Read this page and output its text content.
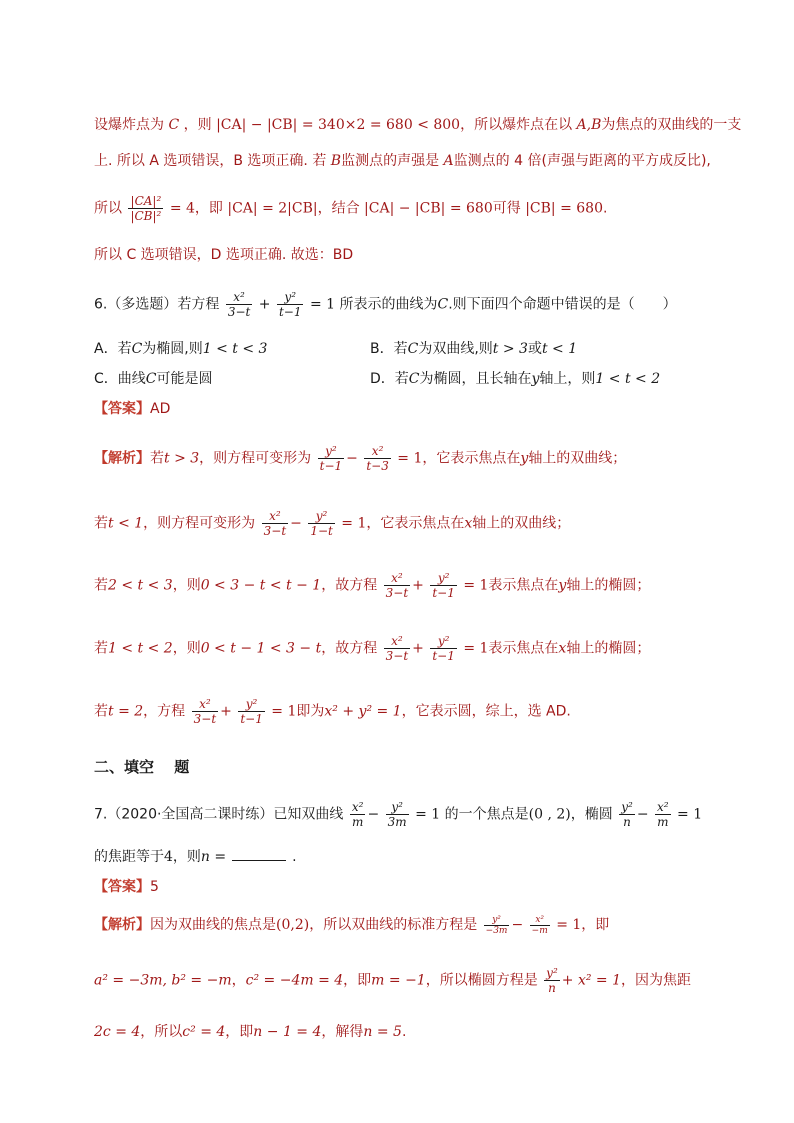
设爆炸点为 C ，则 |CA| − |CB| = 340×2 = 680 < 800，所以爆炸点在以 A,B为焦点的双曲线的一支
上. 所以 A 选项错误，B 选项正确. 若 B监测点的声强是 A监测点的 4 倍(声强与距离的平方成反比),
所以 $\frac{\text{|CA|²}}{\text{|CB|²}} = 4$，即 |CA| = 2|CB|，结合 |CA| − |CB| = 680可得 |CB| = 680.
所以 C 选项错误，D 选项正确. 故选：BD
6.（多选题）若方程 $\frac{\text{x²}}{3-t} + \frac{\text{y²}}{t-1} = 1$ 所表示的曲线为C.则下面四个命题中错误的是（　　）
A．若C为椭圆,则1 < t < 3	B．若C为双曲线,则t > 3或t < 1
C．曲线C可能是圆	D．若C为椭圆，且长轴在y轴上，则1 < t < 2
【答案】AD
【解析】若t > 3，则方程可变形为 $\frac{\text{y²}}{t-1} - \frac{\text{x²}}{t-3} = 1$，它表示焦点在y轴上的双曲线；
若t < 1，则方程可变形为 $\frac{\text{x²}}{3-t} - \frac{\text{y²}}{1-t} = 1$，它表示焦点在x轴上的双曲线；
若2 < t < 3，则0 < 3 − t < t − 1，故方程 $\frac{\text{x²}}{3-t} + \frac{\text{y²}}{t-1} = 1$表示焦点在y轴上的椭圆；
若1 < t < 2，则0 < t − 1 < 3 − t，故方程 $\frac{\text{x²}}{3-t} + \frac{\text{y²}}{t-1} = 1$表示焦点在x轴上的椭圆；
若t = 2，方程 $\frac{\text{x²}}{3-t} + \frac{\text{y²}}{t-1} = 1$即为x² + y² = 1，它表示圆，综上，选 AD.
二、填空　 题
7.（2020·全国高二课时练）已知双曲线 $\frac{\text{x²}}{m} - \frac{\text{y²}}{3m} = 1$ 的一个焦点是(0 , 2)，椭圆 $\frac{\text{y²}}{n} - \frac{\text{x²}}{m} = 1$
的焦距等于4，则n =	.
【答案】5
【解析】因为双曲线的焦点是(0,2)，所以双曲线的标准方程是 $\frac{\text{y²}}{-3m} - \frac{\text{x²}}{-m} = 1$，即
a² = −3m, b² = −m，c² = −4m = 4，即m = −1，所以椭圆方程是 $\frac{\text{y²}}{n} + x^2 = 1$，因为焦距
2c = 4，所以c² = 4，即n − 1 = 4，解得n = 5.
